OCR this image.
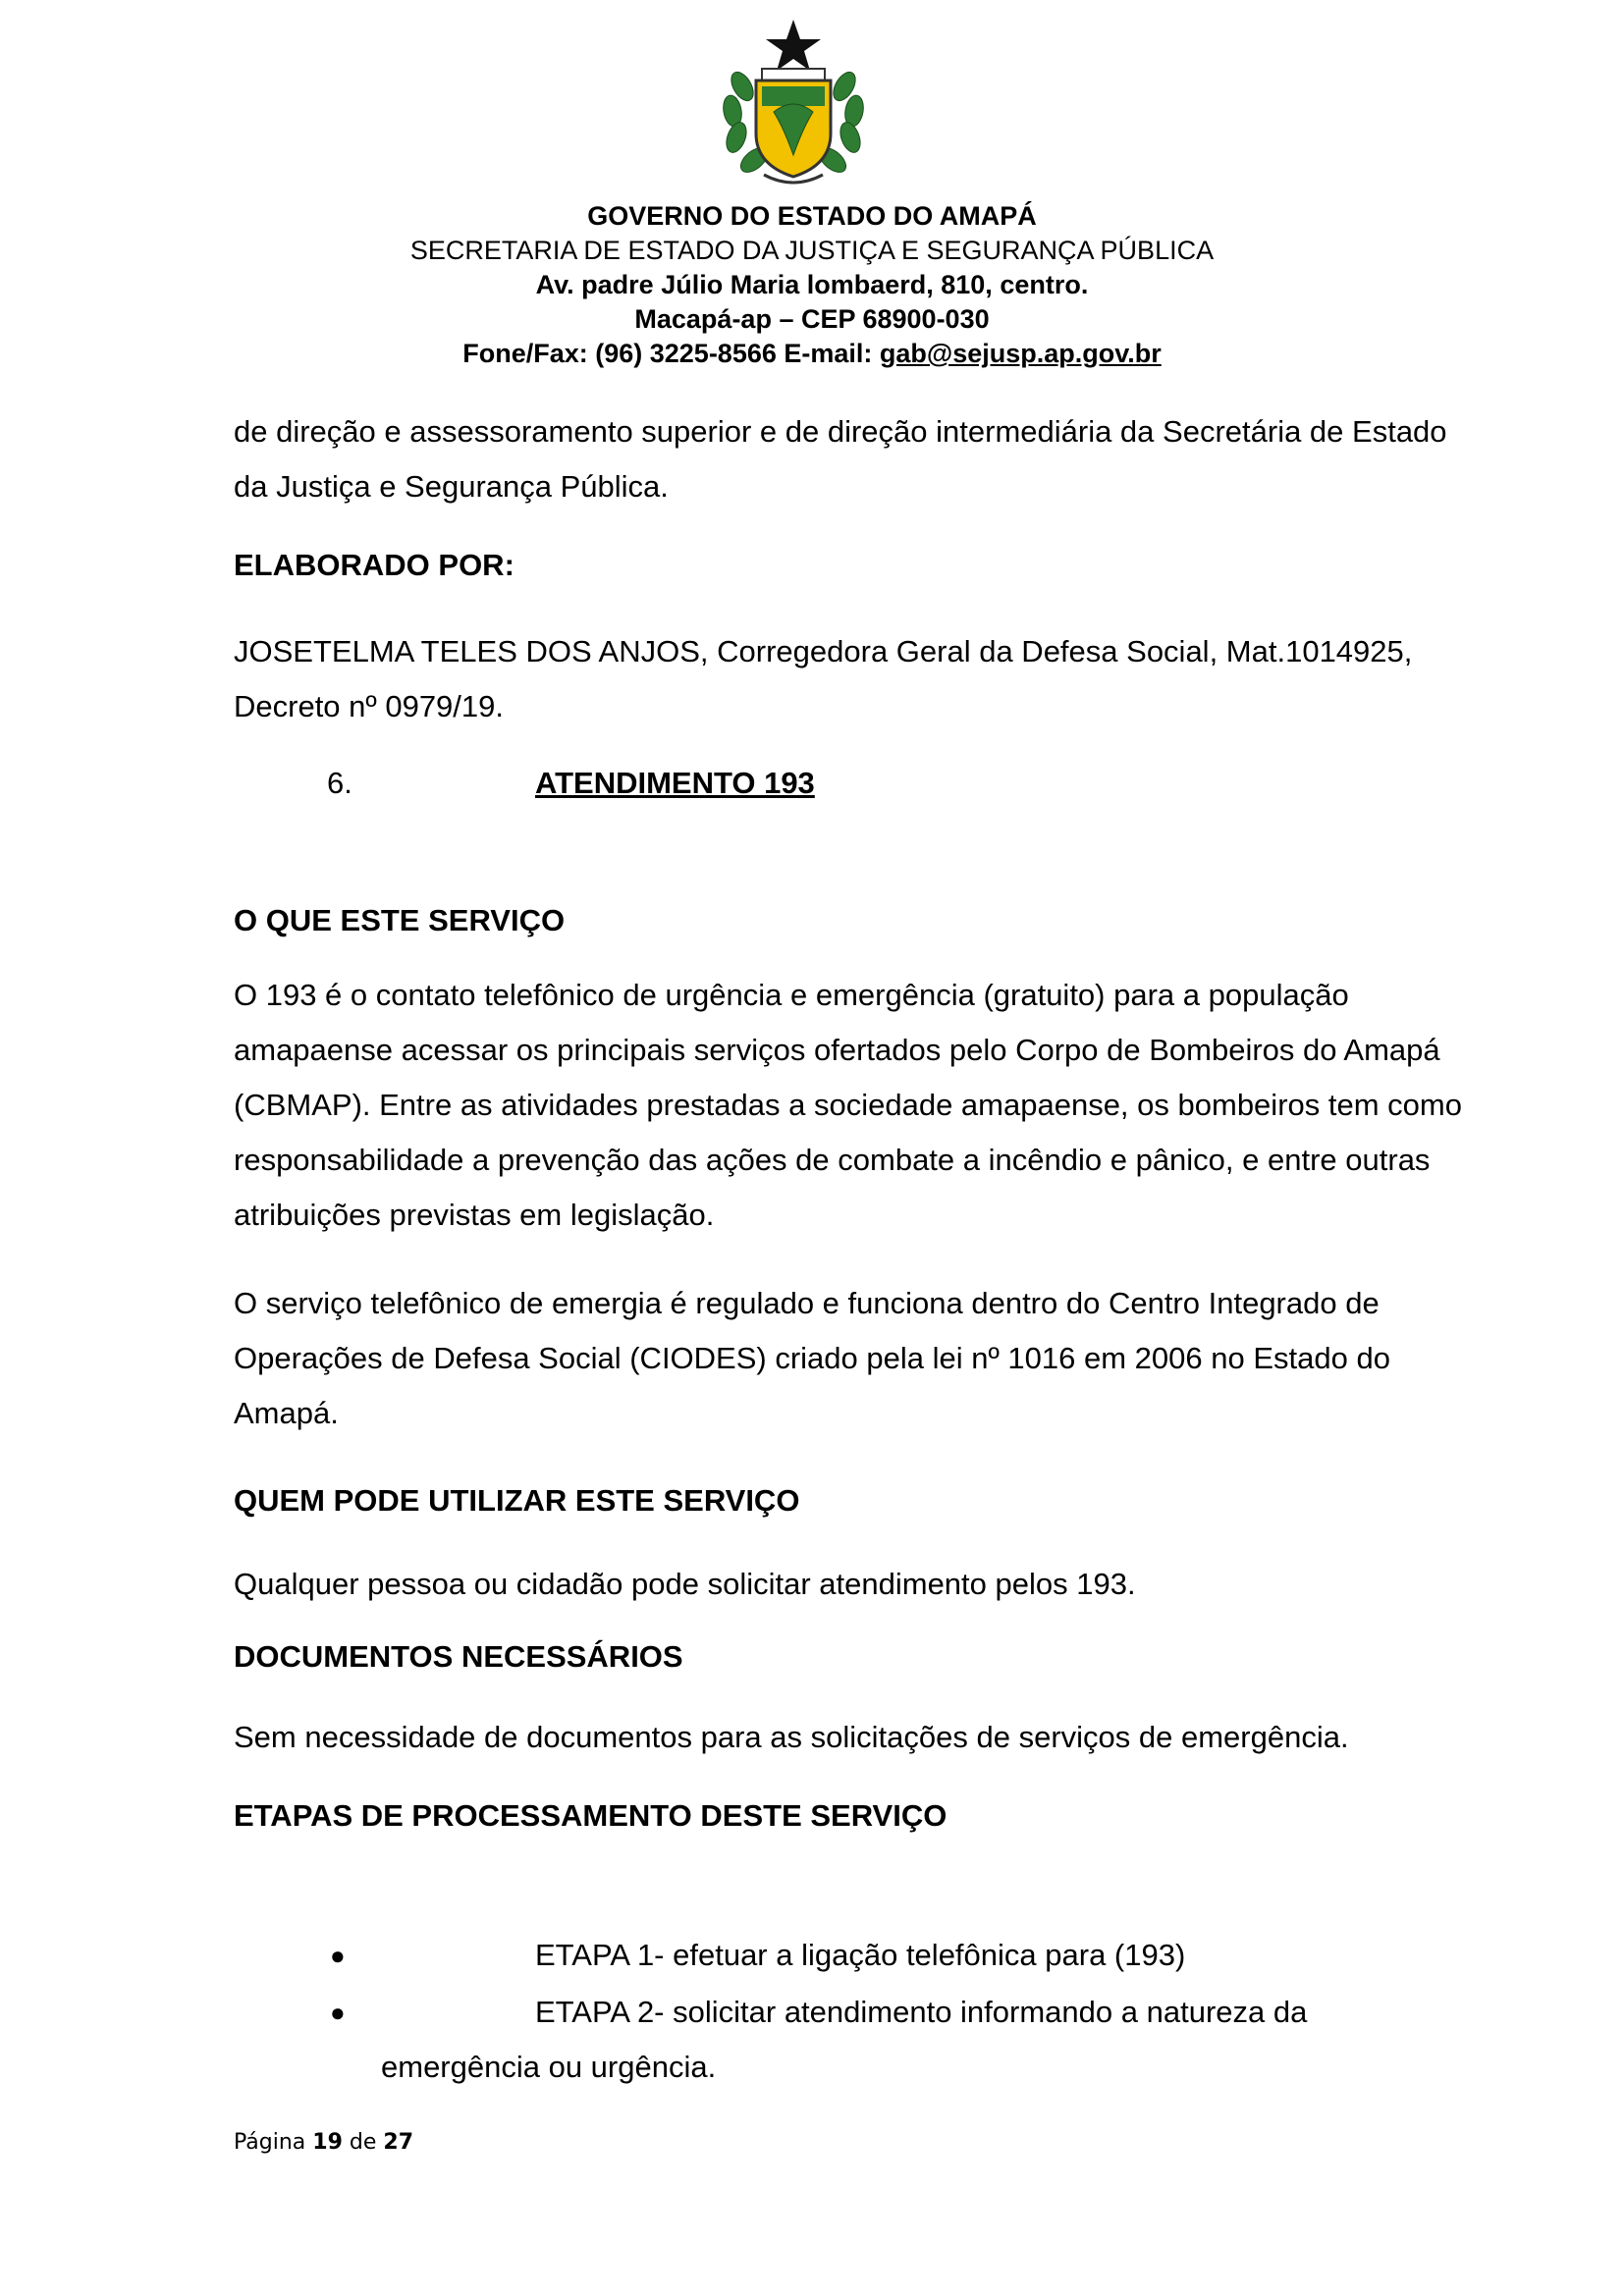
GOVERNO DO ESTADO DO AMAPÁ
SECRETARIA DE ESTADO DA JUSTIÇA E SEGURANÇA PÚBLICA
Av. padre Júlio Maria lombaerd, 810, centro.
Macapá-ap – CEP 68900-030
Fone/Fax: (96) 3225-8566 E-mail: gab@sejusp.ap.gov.br

de direção e assessoramento superior e de direção intermediária da Secretária de Estado da Justiça e Segurança Pública.

ELABORADO POR:

JOSETELMA TELES DOS ANJOS, Corregedora Geral da Defesa Social, Mat.1014925, Decreto nº 0979/19.

6.	ATENDIMENTO 193
O QUE ESTE SERVIÇO

O 193 é o contato telefônico de urgência e emergência (gratuito) para a população amapaense acessar os principais serviços ofertados pelo Corpo de Bombeiros do Amapá (CBMAP). Entre as atividades prestadas a sociedade amapaense, os bombeiros tem como responsabilidade a prevenção das ações de combate a incêndio e pânico, e entre outras atribuições previstas em legislação.

O serviço telefônico de emergia é regulado e funciona dentro do Centro Integrado de Operações de Defesa Social (CIODES) criado pela lei nº 1016 em 2006 no Estado do Amapá.

QUEM PODE UTILIZAR ESTE SERVIÇO

Qualquer pessoa ou cidadão pode solicitar atendimento pelos 193.

DOCUMENTOS NECESSÁRIOS

Sem necessidade de documentos para as solicitações de serviços de emergência.

ETAPAS DE PROCESSAMENTO DESTE SERVIÇO
●	ETAPA 1- efetuar a ligação telefônica para (193)
●	ETAPA 2- solicitar atendimento informando a natureza da emergência ou urgência.

Página 19 de 27
